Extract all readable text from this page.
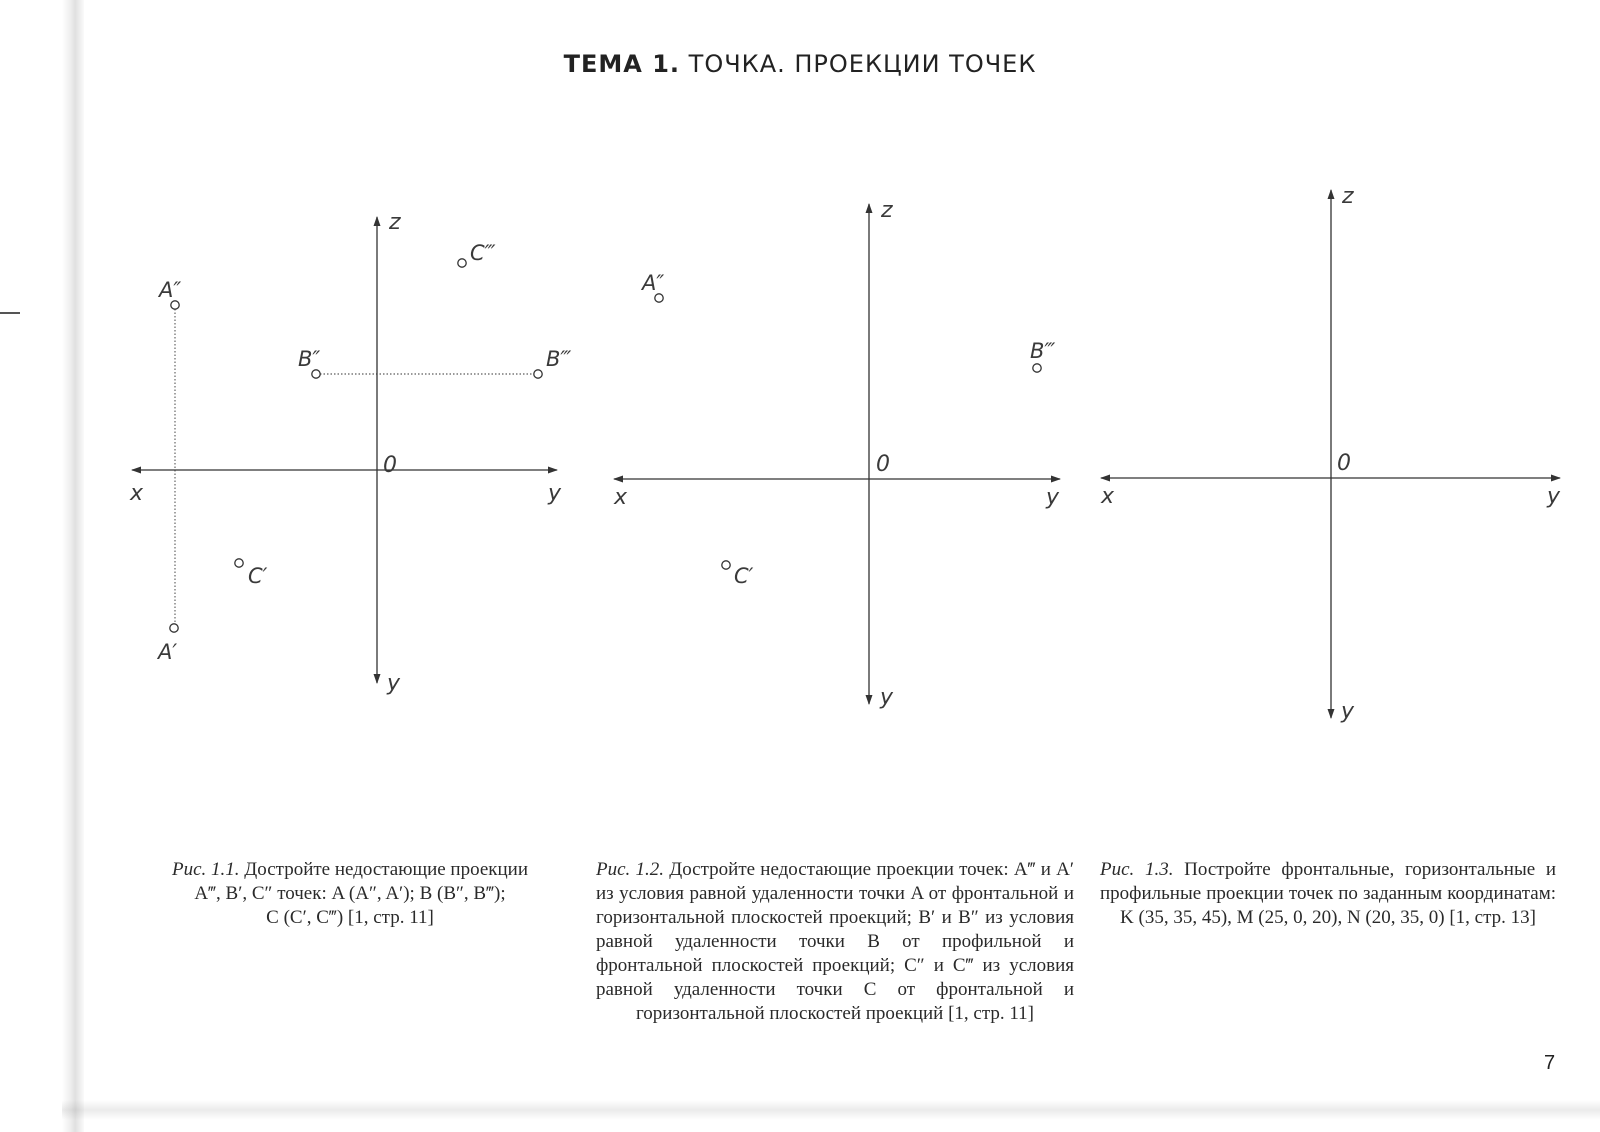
ТЕМА 1. ТОЧКА. ПРОЕКЦИИ ТОЧЕК
z
y
x	y
0
A″
A′
B″	B‴
C‴
C′
z
y
x	y
0
A″
B‴
C′
z
y
x	y
0

Рис. 1.1. Достройте недостающие проекции

A‴, B′, C″ точек: A (A″, A′); B (B″, B‴);

C (C′, C‴) [1, стр. 11]

Рис. 1.2. Достройте недостающие проекции точек: A‴ и A′ из условия равной удаленности точки A от фронтальной и горизонтальной плоскостей проекций; B′ и B″ из условия равной удаленности точки B от профильной и фронтальной плоскостей проекций; C″ и C‴ из условия равной удаленности точки C от фронтальной и горизонтальной плоскостей проекций [1, стр. 11]
Рис. 1.3. Постройте фронтальные, горизонтальные и профильные проекции точек по заданным координатам: K (35, 35, 45), M (25, 0, 20), N (20, 35, 0) [1, стр. 13]
7
